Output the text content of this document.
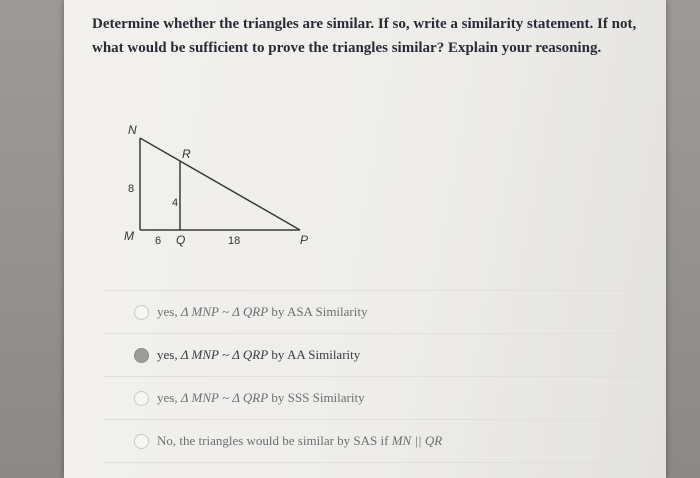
Determine whether the triangles are similar. If so, write a similarity statement. If not, what would be sufficient to prove the triangles similar? Explain your reasoning.

N
R
M	Q	P
8
4
6	18
yes, Δ MNP ~ Δ QRP by ASA Similarity
yes, Δ MNP ~ Δ QRP by AA Similarity
yes, Δ MNP ~ Δ QRP by SSS Similarity
No, the triangles would be similar by SAS if MN || QR
